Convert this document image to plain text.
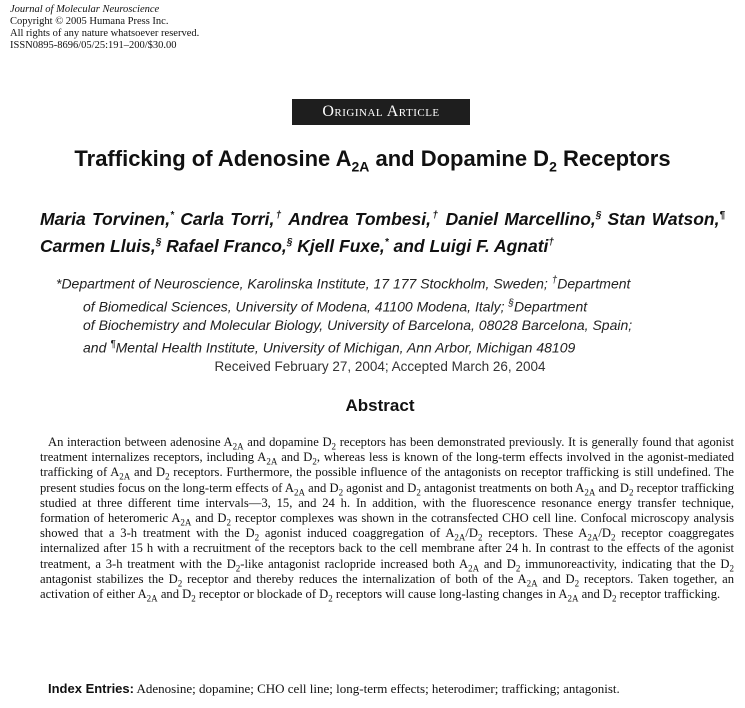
Journal of Molecular Neuroscience
Copyright © 2005 Humana Press Inc.
All rights of any nature whatsoever reserved.
ISSN0895-8696/05/25:191–200/$30.00
Original Article
Trafficking of Adenosine $A_{2A}$ and Dopamine $D_2$ Receptors
Maria Torvinen,* Carla Torri,† Andrea Tombesi,† Daniel Marcellino,§ Stan Watson,¶ Carmen Lluis,§ Rafael Franco,§ Kjell Fuxe,* and Luigi F. Agnati†
*Department of Neuroscience, Karolinska Institute, 17 177 Stockholm, Sweden; †Department
of Biomedical Sciences, University of Modena, 41100 Modena, Italy; §Department
of Biochemistry and Molecular Biology, University of Barcelona, 08028 Barcelona, Spain;
and ¶Mental Health Institute, University of Michigan, Ann Arbor, Michigan 48109
Received February 27, 2004; Accepted March 26, 2004
Abstract
An interaction between adenosine $A_{2A}$ and dopamine $D_2$ receptors has been demonstrated previously. It is generally found that agonist treatment internalizes receptors, including $A_{2A}$ and $D_2$, whereas less is known of the long-term effects involved in the agonist-mediated trafficking of $A_{2A}$ and $D_2$ receptors. Furthermore, the possible influence of the antagonists on receptor trafficking is still undefined. The present studies focus on the long-term effects of $A_{2A}$ and $D_2$ agonist and $D_2$ antagonist treatments on both $A_{2A}$ and $D_2$ receptor trafficking studied at three different time intervals—3, 15, and 24 h. In addition, with the fluorescence resonance energy transfer technique, formation of heteromeric $A_{2A}$ and $D_2$ receptor complexes was shown in the cotransfected CHO cell line. Confocal microscopy analysis showed that a 3-h treatment with the $D_2$ agonist induced coaggregation of $A_{2A}/D_2$ receptors. These $A_{2A}/D_2$ receptor coaggregates internalized after 15 h with a recruitment of the receptors back to the cell membrane after 24 h. In contrast to the effects of the agonist treatment, a 3-h treatment with the $D_2$-like antagonist raclopride increased both $A_{2A}$ and $D_2$ immunoreactivity, indicating that the $D_2$ antagonist stabilizes the $D_2$ receptor and thereby reduces the internalization of both of the $A_{2A}$ and $D_2$ receptors. Taken together, an activation of either $A_{2A}$ and $D_2$ receptor or blockade of $D_2$ receptors will cause long-lasting changes in $A_{2A}$ and $D_2$ receptor trafficking.
Index Entries: Adenosine; dopamine; CHO cell line; long-term effects; heterodimer; trafficking; antagonist.
